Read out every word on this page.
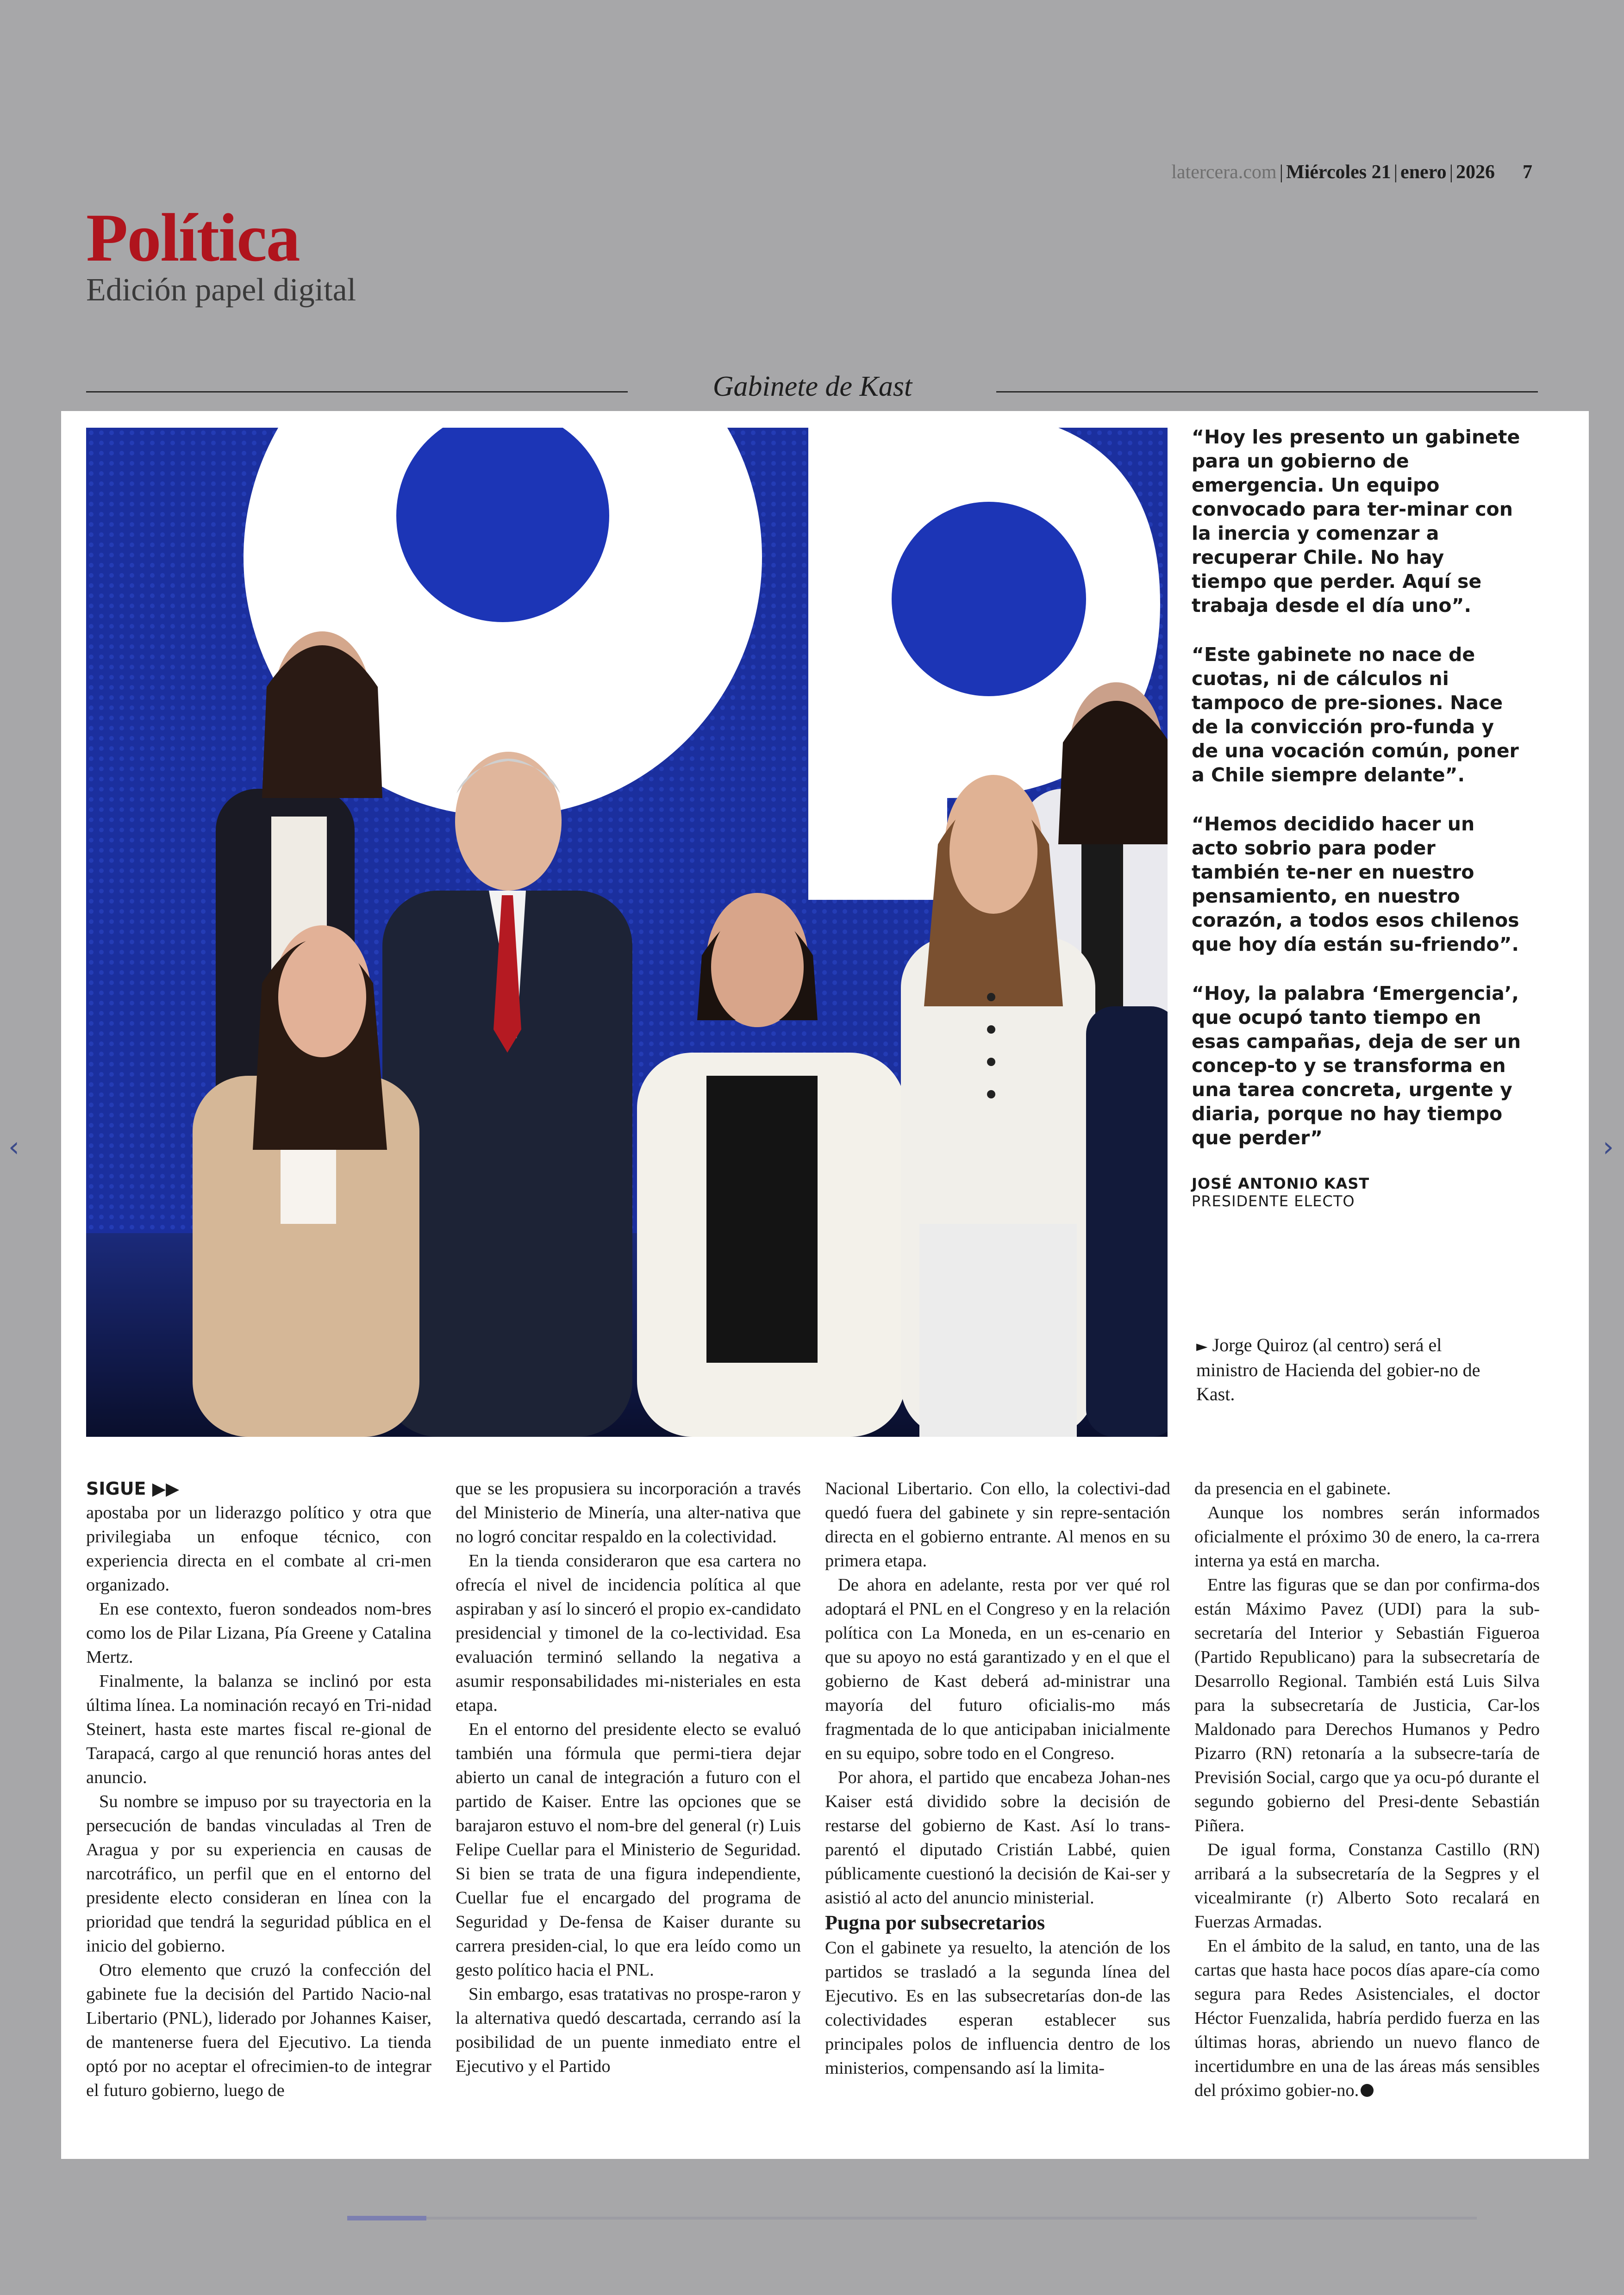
latercera.com | Miércoles 21 | enero | 2026 7
Política
Edición papel digital
Gabinete de Kast

“Hoy les presento un gabinete para un gobierno de emergencia. Un equipo convocado para ter-minar con la inercia y comenzar a recuperar Chile. No hay tiempo que perder. Aquí se trabaja desde el día uno”.

“Este gabinete no nace de cuotas, ni de cálculos ni tampoco de pre-siones. Nace de la convicción pro-funda y de una vocación común, poner a Chile siempre delante”.

“Hemos decidido hacer un acto sobrio para poder también te-ner en nuestro pensamiento, en nuestro corazón, a todos esos chilenos que hoy día están su-friendo”.

“Hoy, la palabra ‘Emergencia’, que ocupó tanto tiempo en esas campañas, deja de ser un concep-to y se transforma en una tarea concreta, urgente y diaria, porque no hay tiempo que perder”

JOSÉ ANTONIO KAST
PRESIDENTE ELECTO
► Jorge Quiroz (al centro) será el ministro de Hacienda del gobier-no de Kast.

SIGUE ▶▶

apostaba por un liderazgo político y otra que privilegiaba un enfoque técnico, con experiencia directa en el combate al cri-men organizado.

En ese contexto, fueron sondeados nom-bres como los de Pilar Lizana, Pía Greene y Catalina Mertz.

Finalmente, la balanza se inclinó por esta última línea. La nominación recayó en Tri-nidad Steinert, hasta este martes fiscal re-gional de Tarapacá, cargo al que renunció horas antes del anuncio.

Su nombre se impuso por su trayectoria en la persecución de bandas vinculadas al Tren de Aragua y por su experiencia en causas de narcotráfico, un perfil que en el entorno del presidente electo consideran en línea con la prioridad que tendrá la seguridad pública en el inicio del gobierno.

Otro elemento que cruzó la confección del gabinete fue la decisión del Partido Nacio-nal Libertario (PNL), liderado por Johannes Kaiser, de mantenerse fuera del Ejecutivo. La tienda optó por no aceptar el ofrecimien-to de integrar el futuro gobierno, luego de

que se les propusiera su incorporación a través del Ministerio de Minería, una alter-nativa que no logró concitar respaldo en la colectividad.

En la tienda consideraron que esa cartera no ofrecía el nivel de incidencia política al que aspiraban y así lo sinceró el propio ex-candidato presidencial y timonel de la co-lectividad. Esa evaluación terminó sellando la negativa a asumir responsabilidades mi-nisteriales en esta etapa.

En el entorno del presidente electo se evaluó también una fórmula que permi-tiera dejar abierto un canal de integración a futuro con el partido de Kaiser. Entre las opciones que se barajaron estuvo el nom-bre del general (r) Luis Felipe Cuellar para el Ministerio de Seguridad. Si bien se trata de una figura independiente, Cuellar fue el encargado del programa de Seguridad y De-fensa de Kaiser durante su carrera presiden-cial, lo que era leído como un gesto político hacia el PNL.

Sin embargo, esas tratativas no prospe-raron y la alternativa quedó descartada, cerrando así la posibilidad de un puente inmediato entre el Ejecutivo y el Partido

Nacional Libertario. Con ello, la colectivi-dad quedó fuera del gabinete y sin repre-sentación directa en el gobierno entrante. Al menos en su primera etapa.

De ahora en adelante, resta por ver qué rol adoptará el PNL en el Congreso y en la relación política con La Moneda, en un es-cenario en que su apoyo no está garantizado y en el que el gobierno de Kast deberá ad-ministrar una mayoría del futuro oficialis-mo más fragmentada de lo que anticipaban inicialmente en su equipo, sobre todo en el Congreso.

Por ahora, el partido que encabeza Johan-nes Kaiser está dividido sobre la decisión de restarse del gobierno de Kast. Así lo trans-parentó el diputado Cristián Labbé, quien públicamente cuestionó la decisión de Kai-ser y asistió al acto del anuncio ministerial.

Pugna por subsecretarios

Con el gabinete ya resuelto, la atención de los partidos se trasladó a la segunda línea del Ejecutivo. Es en las subsecretarías don-de las colectividades esperan establecer sus principales polos de influencia dentro de los ministerios, compensando así la limita-

da presencia en el gabinete.

Aunque los nombres serán informados oficialmente el próximo 30 de enero, la ca-rrera interna ya está en marcha.

Entre las figuras que se dan por confirma-dos están Máximo Pavez (UDI) para la sub-secretaría del Interior y Sebastián Figueroa (Partido Republicano) para la subsecretaría de Desarrollo Regional. También está Luis Silva para la subsecretaría de Justicia, Car-los Maldonado para Derechos Humanos y Pedro Pizarro (RN) retonaría a la subsecre-taría de Previsión Social, cargo que ya ocu-pó durante el segundo gobierno del Presi-dente Sebastián Piñera.

De igual forma, Constanza Castillo (RN) arribará a la subsecretaría de la Segpres y el vicealmirante (r) Alberto Soto recalará en Fuerzas Armadas.

En el ámbito de la salud, en tanto, una de las cartas que hasta hace pocos días apare-cía como segura para Redes Asistenciales, el doctor Héctor Fuenzalida, habría perdido fuerza en las últimas horas, abriendo un nuevo flanco de incertidumbre en una de las áreas más sensibles del próximo gobier-no.

‹	›
